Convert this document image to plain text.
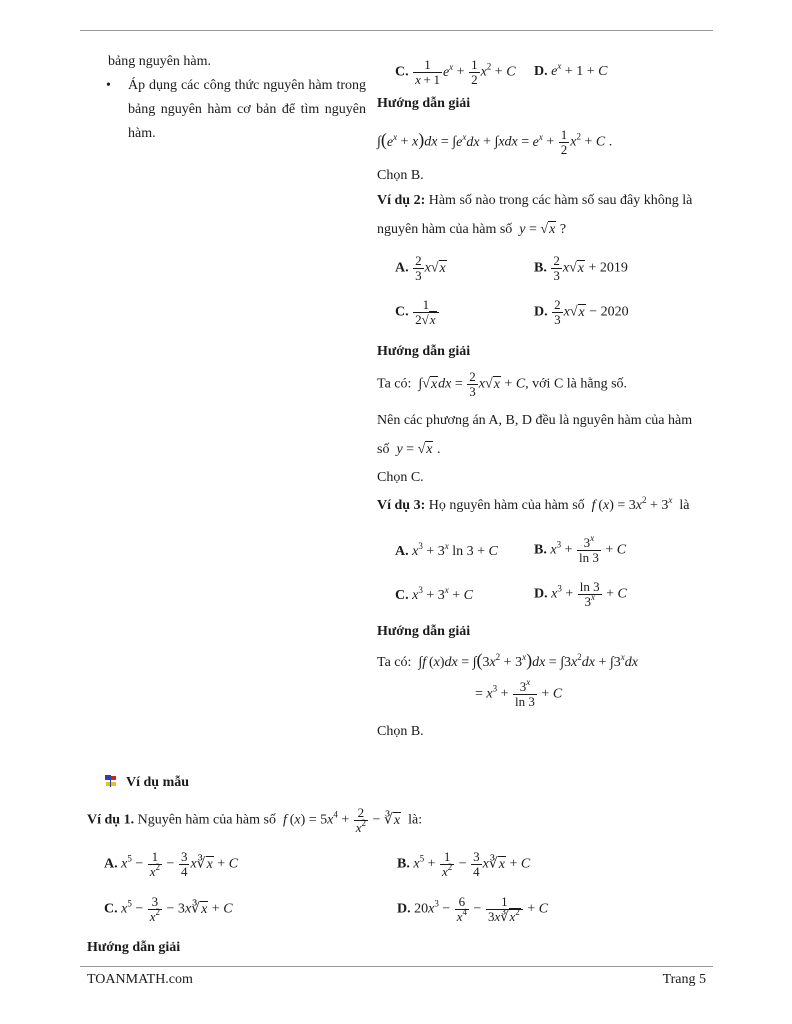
bảng nguyên hàm.

• Áp dụng các công thức nguyên hàm trong bảng nguyên hàm cơ bản để tìm nguyên hàm.

C. $\frac{1}{x + 1} e^x + \frac{1}{2} x^2 + C$ D. $e^x + 1 + C$
Hướng dẫn giải
$\int(e^x + x)dx = \int e^xdx + \int xdx = e^x + \frac{1}{2} x^2 + C$ .
Chọn B.
Ví dụ 2: Hàm số nào trong các hàm số sau đây không là
nguyên hàm của hàm số y = √x ?
A. $\frac{2}{3} x√x$	B. $\frac{2}{3} x√x + 2019$
C. $\frac{1}{2√x}$	D. $\frac{2}{3} x√x - 2020$
Hướng dẫn giải
Ta có:  $\int√xdx = \frac{2}{3} x√x + C$, với C là hằng số.
Nên các phương án A, B, D đều là nguyên hàm của hàm
số y = √x .
Chọn C.
Ví dụ 3: Họ nguyên hàm của hàm số f $(x) = 3x^2 + 3^x$ là
A. $x^3 + 3^x$ ln 3 + C	B. $x^3 + \frac{3^x}{\ln 3} + C$
C. $x^3 + 3^x + C$	D. $x^3 + \frac{\ln 3}{3^x} + C$
Hướng dẫn giải
Ta có:  ∫f $(x)dx = \int(3x^2 + 3^x)dx = \int 3x^2dx + \int 3^xdx$
= $x^3 + \frac{3^x}{\ln 3} + C$
Chọn B.
Ví dụ mẫu
Ví dụ 1. Nguyên hàm của hàm số f $(x) = 5x^4 + \frac{2}{x^2}$ − ∛x là:
A. $x^5 - \frac{1}{x^2} - \frac{3}{4}$ x∛x + C	B. $x^5 + \frac{1}{x^2} - \frac{3}{4}$ x∛x + C
C. $x^5 - \frac{3}{x^2}$ − 3x∛x + C	D. $20x^3 - \frac{6}{x^4} - \frac{1}{3x∛x^2} + C$
Hướng dẫn giải
TOANMATH.com	Trang 5
